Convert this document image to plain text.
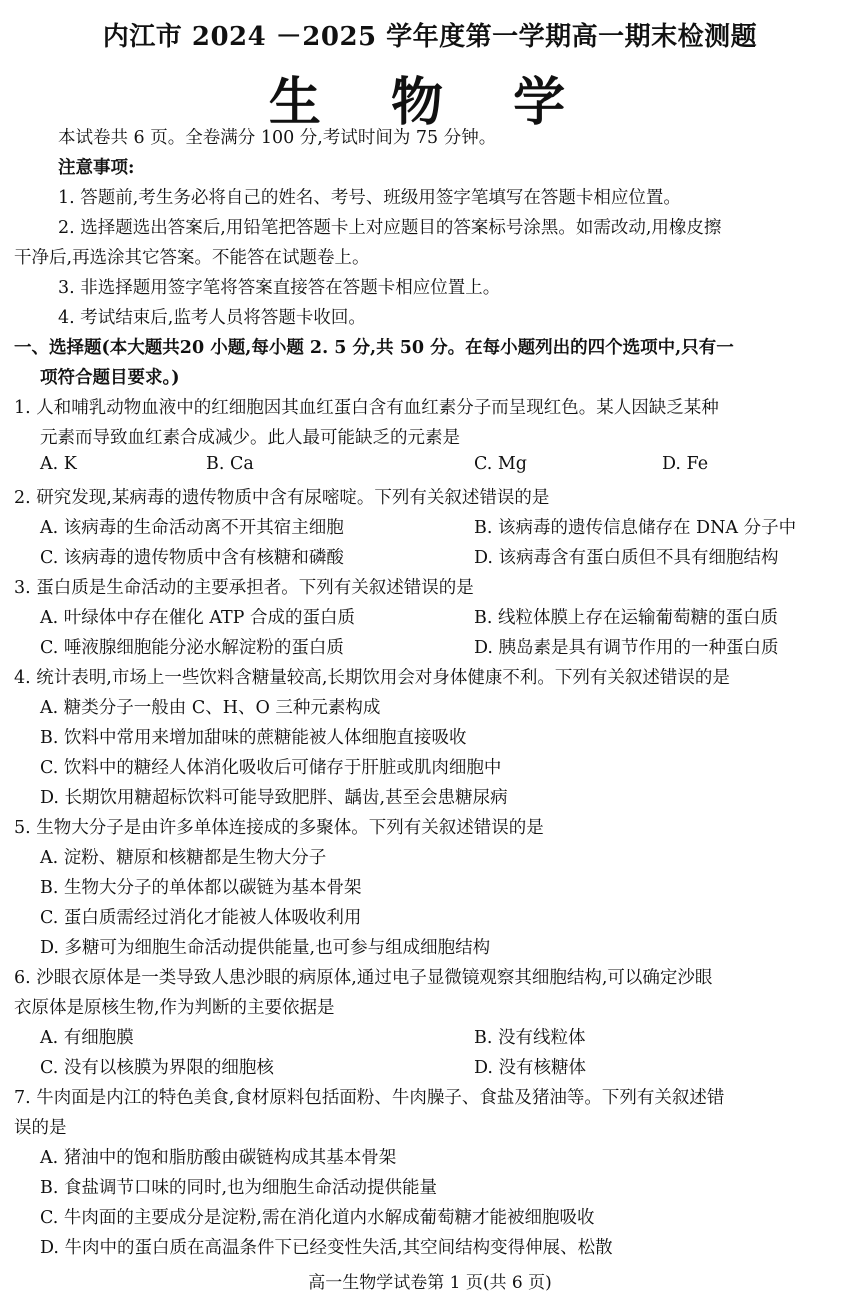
内江市 2024 －2025 学年度第一学期高一期末检测题
生 物 学
本试卷共 6 页。全卷满分 100 分,考试时间为 75 分钟。
注意事项:
1. 答题前,考生务必将自己的姓名、考号、班级用签字笔填写在答题卡相应位置。
2. 选择题选出答案后,用铅笔把答题卡上对应题目的答案标号涂黑。如需改动,用橡皮擦
干净后,再选涂其它答案。不能答在试题卷上。
3. 非选择题用签字笔将答案直接答在答题卡相应位置上。
4. 考试结束后,监考人员将答题卡收回。
一、选择题(本大题共20 小题,每小题 2. 5 分,共 50 分。在每小题列出的四个选项中,只有一
项符合题目要求。)
1. 人和哺乳动物血液中的红细胞因其血红蛋白含有血红素分子而呈现红色。某人因缺乏某种
元素而导致血红素合成减少。此人最可能缺乏的元素是
A. K	B. Ca	C. Mg	D. Fe
2. 研究发现,某病毒的遗传物质中含有尿嘧啶。下列有关叙述错误的是
A. 该病毒的生命活动离不开其宿主细胞	B. 该病毒的遗传信息储存在 DNA 分子中
C. 该病毒的遗传物质中含有核糖和磷酸	D. 该病毒含有蛋白质但不具有细胞结构
3. 蛋白质是生命活动的主要承担者。下列有关叙述错误的是
A. 叶绿体中存在催化 ATP 合成的蛋白质	B. 线粒体膜上存在运输葡萄糖的蛋白质
C. 唾液腺细胞能分泌水解淀粉的蛋白质	D. 胰岛素是具有调节作用的一种蛋白质
4. 统计表明,市场上一些饮料含糖量较高,长期饮用会对身体健康不利。下列有关叙述错误的是
A. 糖类分子一般由 C、H、O 三种元素构成
B. 饮料中常用来增加甜味的蔗糖能被人体细胞直接吸收
C. 饮料中的糖经人体消化吸收后可储存于肝脏或肌肉细胞中
D. 长期饮用糖超标饮料可能导致肥胖、龋齿,甚至会患糖尿病
5. 生物大分子是由许多单体连接成的多聚体。下列有关叙述错误的是
A. 淀粉、糖原和核糖都是生物大分子
B. 生物大分子的单体都以碳链为基本骨架
C. 蛋白质需经过消化才能被人体吸收利用
D. 多糖可为细胞生命活动提供能量,也可参与组成细胞结构
6. 沙眼衣原体是一类导致人患沙眼的病原体,通过电子显微镜观察其细胞结构,可以确定沙眼
衣原体是原核生物,作为判断的主要依据是
A. 有细胞膜	B. 没有线粒体
C. 没有以核膜为界限的细胞核	D. 没有核糖体
7. 牛肉面是内江的特色美食,食材原料包括面粉、牛肉臊子、食盐及猪油等。下列有关叙述错
误的是
A. 猪油中的饱和脂肪酸由碳链构成其基本骨架
B. 食盐调节口味的同时,也为细胞生命活动提供能量
C. 牛肉面的主要成分是淀粉,需在消化道内水解成葡萄糖才能被细胞吸收
D. 牛肉中的蛋白质在高温条件下已经变性失活,其空间结构变得伸展、松散
高一生物学试卷第 1 页(共 6 页)
